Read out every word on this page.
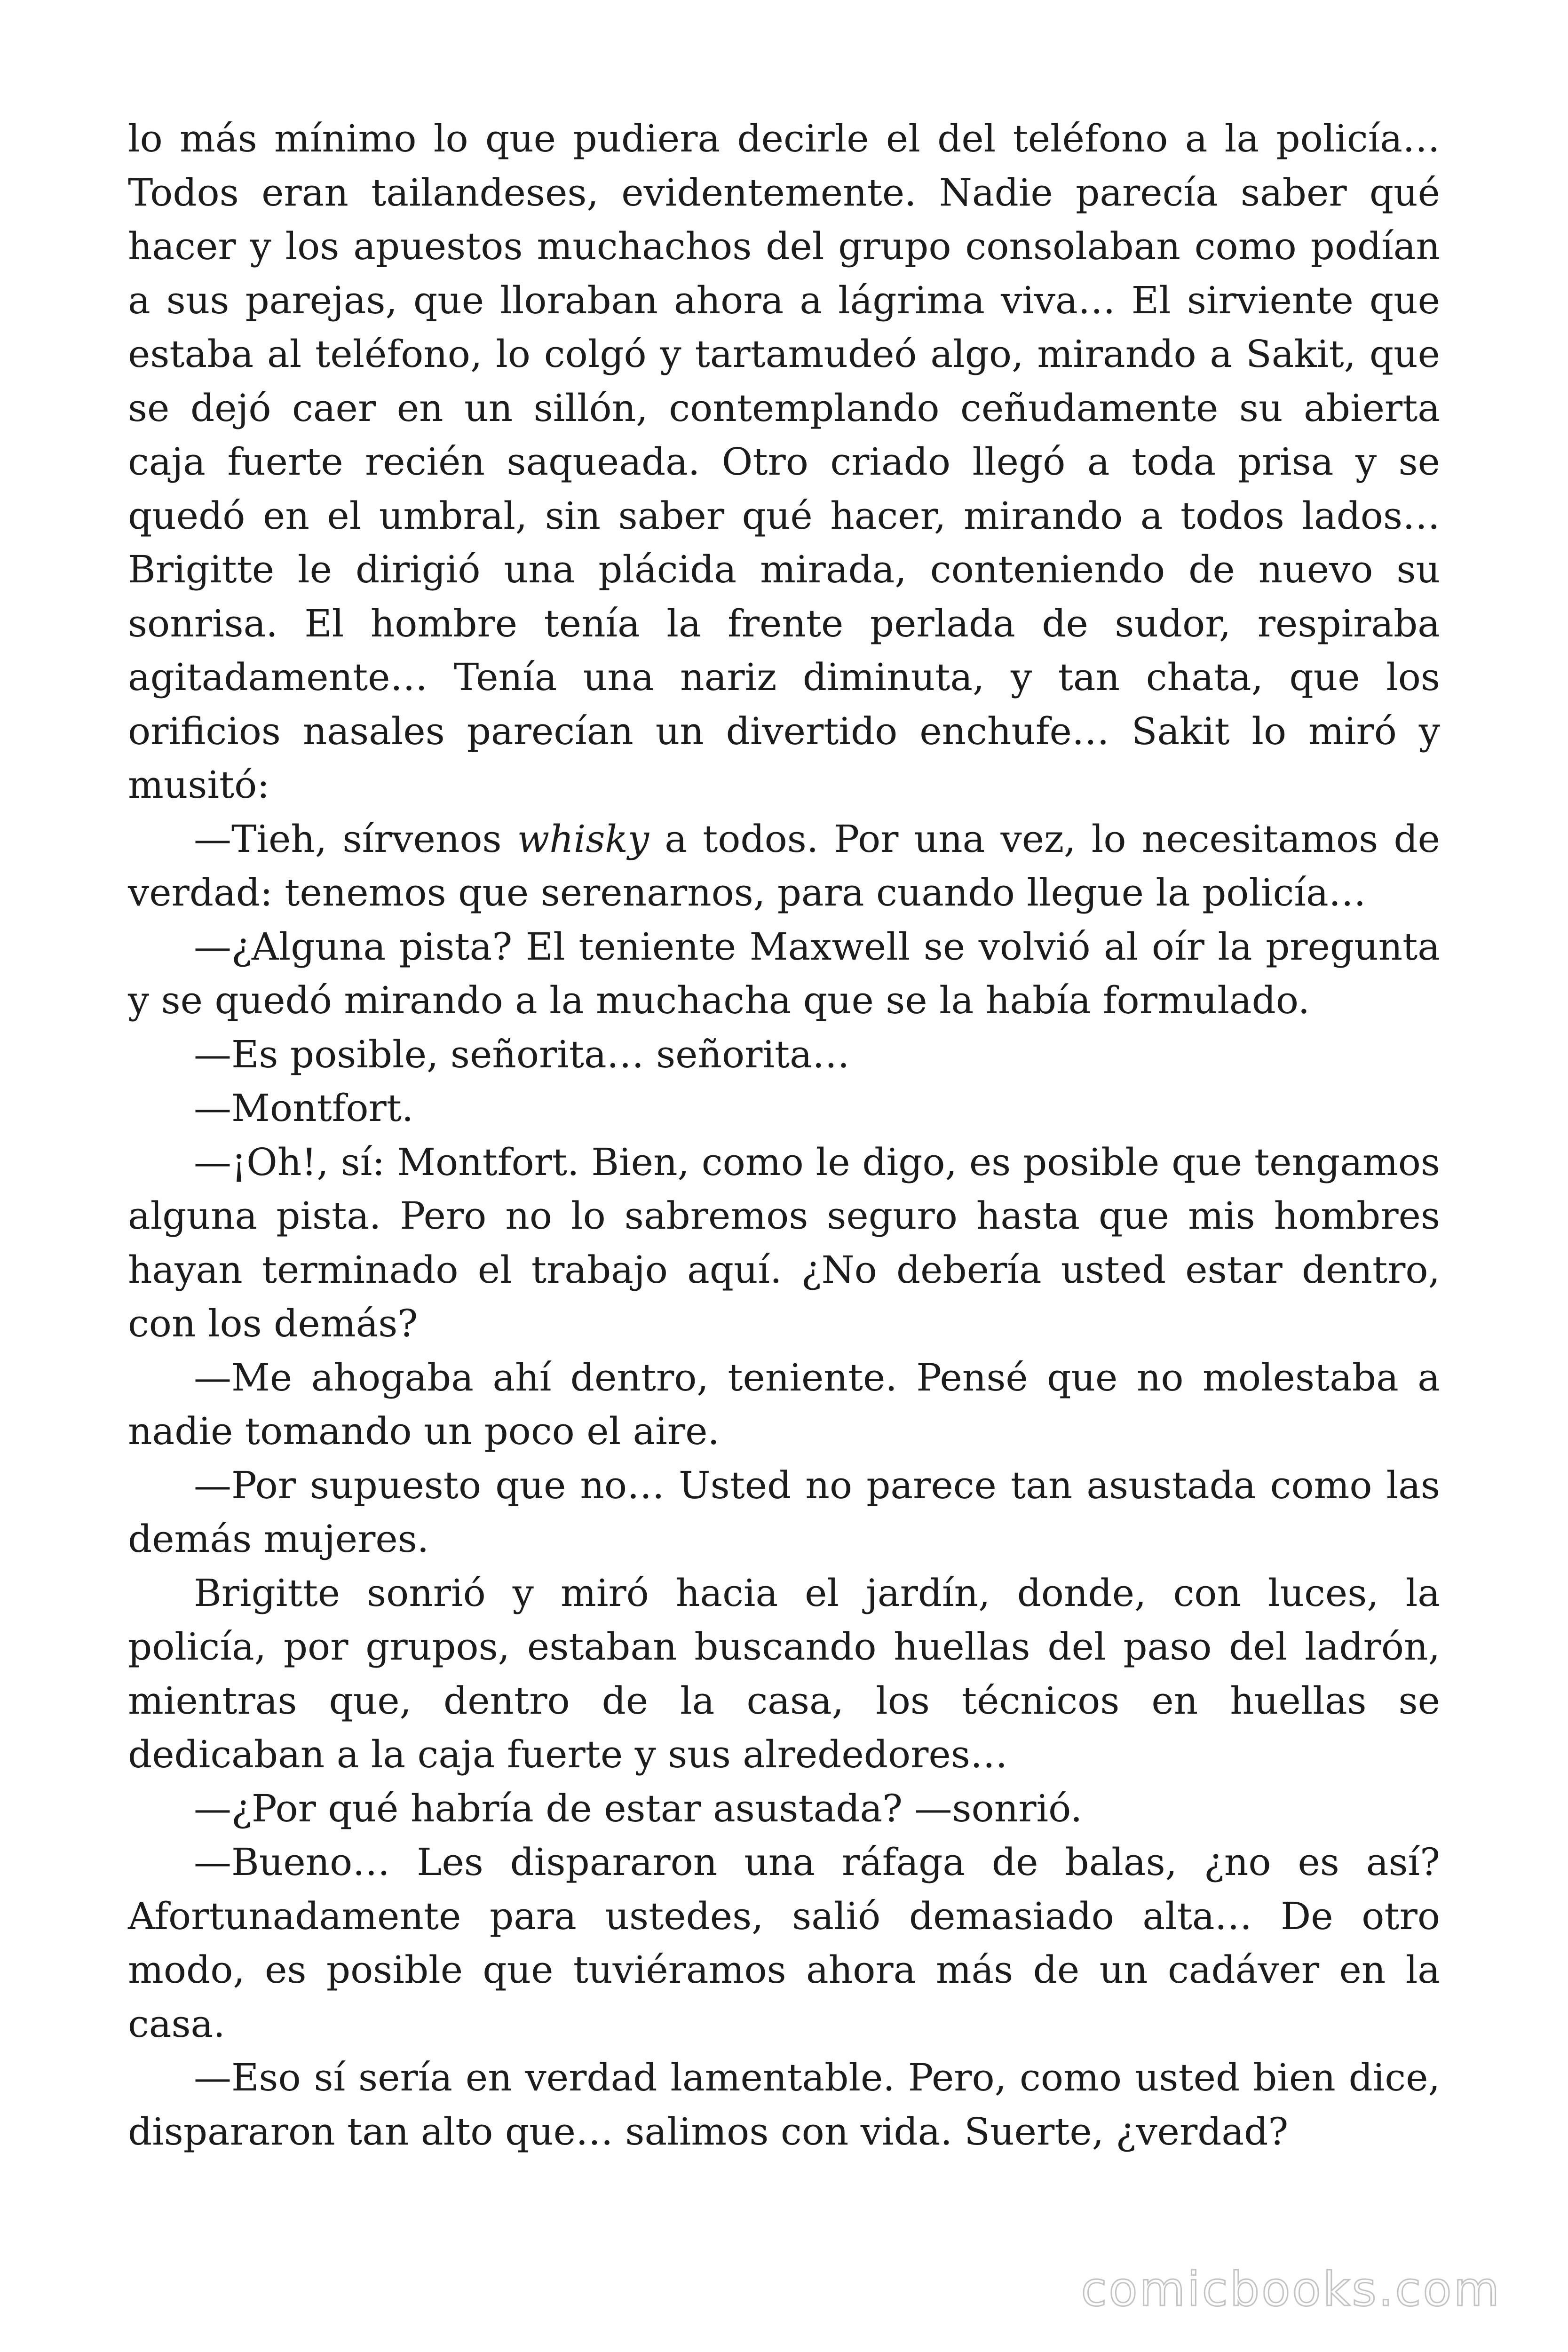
lo más mínimo lo que pudiera decirle el del teléfono a la policía… Todos eran tailandeses, evidentemente. Nadie parecía saber qué hacer y los apuestos muchachos del grupo consolaban como podían a sus parejas, que lloraban ahora a lágrima viva… El sirviente que estaba al teléfono, lo colgó y tartamudeó algo, mirando a Sakit, que se dejó caer en un sillón, contemplando ceñudamente su abierta caja fuerte recién saqueada. Otro criado llegó a toda prisa y se quedó en el umbral, sin saber qué hacer, mirando a todos lados… Brigitte le dirigió una plácida mirada, conteniendo de nuevo su sonrisa. El hombre tenía la frente perlada de sudor, respiraba agitadamente… Tenía una nariz diminuta, y tan chata, que los orificios nasales parecían un divertido enchufe… Sakit lo miró y musitó:

—Tieh, sírvenos whisky a todos. Por una vez, lo necesitamos de verdad: tenemos que serenarnos, para cuando llegue la policía…

—¿Alguna pista? El teniente Maxwell se volvió al oír la pregunta y se quedó mirando a la muchacha que se la había formulado.

—Es posible, señorita… señorita…

—Montfort.

—¡Oh!, sí: Montfort. Bien, como le digo, es posible que tengamos alguna pista. Pero no lo sabremos seguro hasta que mis hombres hayan terminado el trabajo aquí. ¿No debería usted estar dentro, con los demás?

—Me ahogaba ahí dentro, teniente. Pensé que no molestaba a nadie tomando un poco el aire.

—Por supuesto que no… Usted no parece tan asustada como las demás mujeres.

Brigitte sonrió y miró hacia el jardín, donde, con luces, la policía, por grupos, estaban buscando huellas del paso del ladrón, mientras que, dentro de la casa, los técnicos en huellas se dedicaban a la caja fuerte y sus alrededores…

—¿Por qué habría de estar asustada? —sonrió.

—Bueno… Les dispararon una ráfaga de balas, ¿no es así? Afortunadamente para ustedes, salió demasiado alta… De otro modo, es posible que tuviéramos ahora más de un cadáver en la casa.

—Eso sí sería en verdad lamentable. Pero, como usted bien dice, dispararon tan alto que… salimos con vida. Suerte, ¿verdad?

comicbooks.com
